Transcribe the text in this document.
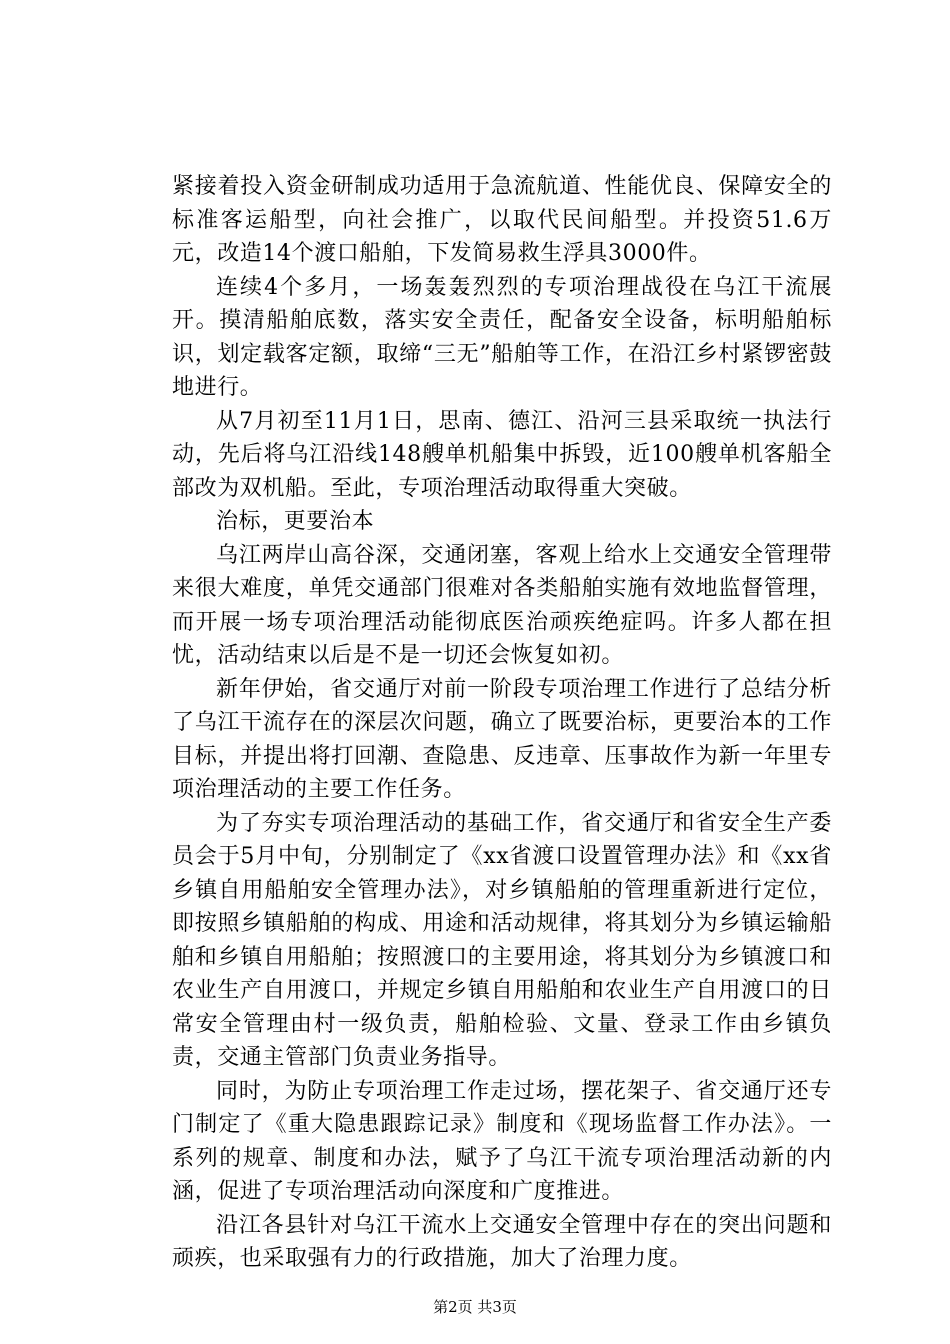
紧接着投入资金研制成功适用于急流航道、性能优良、保障安全的标准客运船型，向社会推广，以取代民间船型。并投资51.6万元，改造14个渡口船舶，下发简易救生浮具3000件。

连续4个多月，一场轰轰烈烈的专项治理战役在乌江干流展开。摸清船舶底数，落实安全责任，配备安全设备，标明船舶标识，划定载客定额，取缔“三无”船舶等工作，在沿江乡村紧锣密鼓地进行。

从7月初至11月1日，思南、德江、沿河三县采取统一执法行动，先后将乌江沿线148艘单机船集中拆毁，近100艘单机客船全部改为双机船。至此，专项治理活动取得重大突破。

治标，更要治本

乌江两岸山高谷深，交通闭塞，客观上给水上交通安全管理带来很大难度，单凭交通部门很难对各类船舶实施有效地监督管理，而开展一场专项治理活动能彻底医治顽疾绝症吗。许多人都在担忧，活动结束以后是不是一切还会恢复如初。

新年伊始，省交通厅对前一阶段专项治理工作进行了总结分析了乌江干流存在的深层次问题，确立了既要治标，更要治本的工作目标，并提出将打回潮、查隐患、反违章、压事故作为新一年里专项治理活动的主要工作任务。

为了夯实专项治理活动的基础工作，省交通厅和省安全生产委员会于5月中旬，分别制定了《xx省渡口设置管理办法》和《xx省乡镇自用船舶安全管理办法》，对乡镇船舶的管理重新进行定位，即按照乡镇船舶的构成、用途和活动规律，将其划分为乡镇运输船舶和乡镇自用船舶；按照渡口的主要用途，将其划分为乡镇渡口和农业生产自用渡口，并规定乡镇自用船舶和农业生产自用渡口的日常安全管理由村一级负责，船舶检验、文量、登录工作由乡镇负责，交通主管部门负责业务指导。

同时，为防止专项治理工作走过场，摆花架子、省交通厅还专门制定了《重大隐患跟踪记录》制度和《现场监督工作办法》。一系列的规章、制度和办法，赋予了乌江干流专项治理活动新的内涵，促进了专项治理活动向深度和广度推进。

沿江各县针对乌江干流水上交通安全管理中存在的突出问题和顽疾，也采取强有力的行政措施，加大了治理力度。

第2页 共3页
